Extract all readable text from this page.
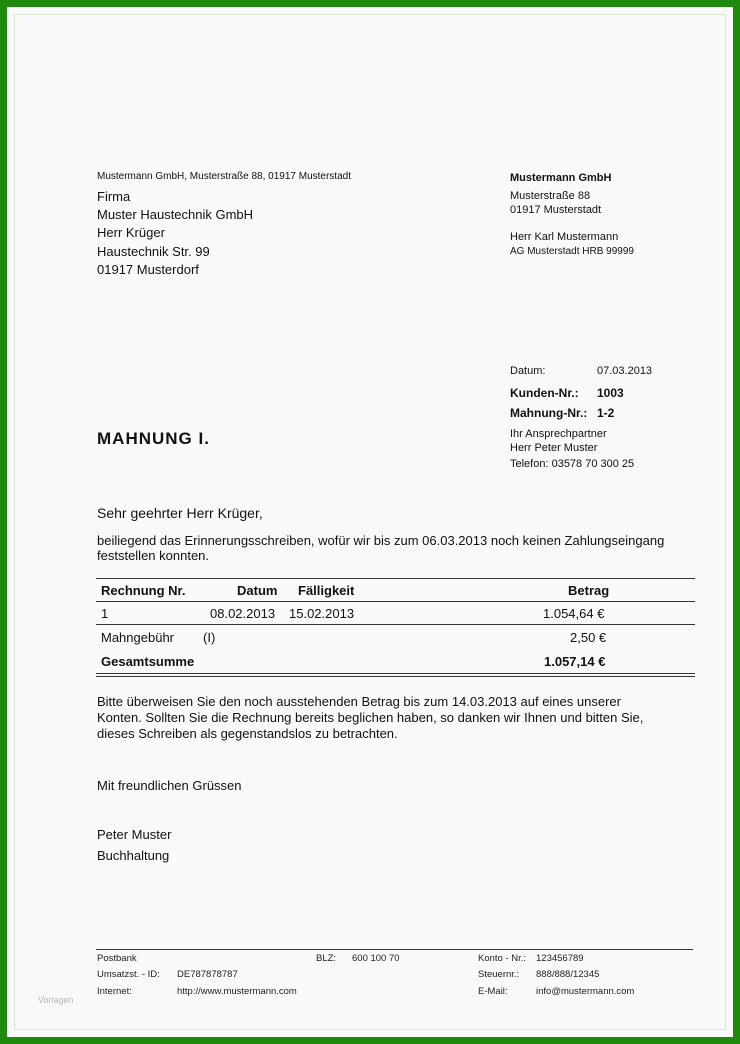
Mustermann GmbH, Musterstraße 88, 01917 Musterstadt
Firma
Muster Haustechnik GmbH
Herr Krüger
Haustechnik Str. 99
01917 Musterdorf
Mustermann GmbH
Musterstraße 88
01917 Musterstadt
Herr Karl Mustermann
AG Musterstadt HRB 99999
Datum:	07.03.2013
Kunden-Nr.: 1003
Mahnung-Nr.: 1-2
Ihr Ansprechpartner
Herr Peter Muster
Telefon: 03578 70 300 25
MAHNUNG I.
Sehr geehrter Herr Krüger,
beiliegend das Erinnerungsschreiben, wofür wir bis zum 06.03.2013 noch keinen Zahlungseingang
feststellen konnten.
Rechnung Nr.	Datum Fälligkeit	Betrag
1	08.02.2013 15.02.2013	1.054,64 €
Mahngebühr (I)	2,50 €
Gesamtsumme	1.057,14 €
Bitte überweisen Sie den noch ausstehenden Betrag bis zum 14.03.2013 auf eines unserer
Konten. Sollten Sie die Rechnung bereits beglichen haben, so danken wir Ihnen und bitten Sie,
dieses Schreiben als gegenstandslos zu betrachten.
Mit freundlichen Grüssen
Peter Muster
Buchhaltung
Postbank	BLZ: 600 100 70	Konto - Nr.: 123456789
Umsatzst. - ID: DE787878787	Steuernr.: 888/888/12345
Internet:	http://www.mustermann.com	E-Mail:	info@mustermann.com
Vorlagen
